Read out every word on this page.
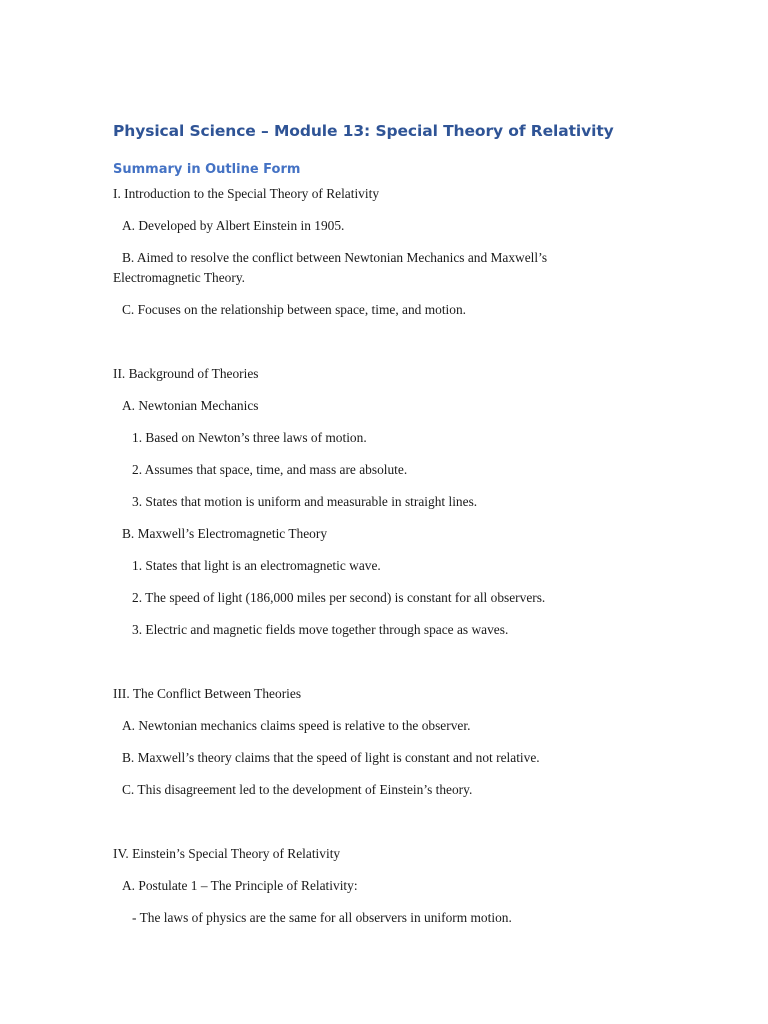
Physical Science – Module 13: Special Theory of Relativity
Summary in Outline Form

I. Introduction to the Special Theory of Relativity

A. Developed by Albert Einstein in 1905.

B. Aimed to resolve the conflict between Newtonian Mechanics and Maxwell’s

Electromagnetic Theory.

C. Focuses on the relationship between space, time, and motion.

II. Background of Theories

A. Newtonian Mechanics

1. Based on Newton’s three laws of motion.

2. Assumes that space, time, and mass are absolute.

3. States that motion is uniform and measurable in straight lines.

B. Maxwell’s Electromagnetic Theory

1. States that light is an electromagnetic wave.

2. The speed of light (186,000 miles per second) is constant for all observers.

3. Electric and magnetic fields move together through space as waves.

III. The Conflict Between Theories

A. Newtonian mechanics claims speed is relative to the observer.

B. Maxwell’s theory claims that the speed of light is constant and not relative.

C. This disagreement led to the development of Einstein’s theory.

IV. Einstein’s Special Theory of Relativity

A. Postulate 1 – The Principle of Relativity:

- The laws of physics are the same for all observers in uniform motion.
